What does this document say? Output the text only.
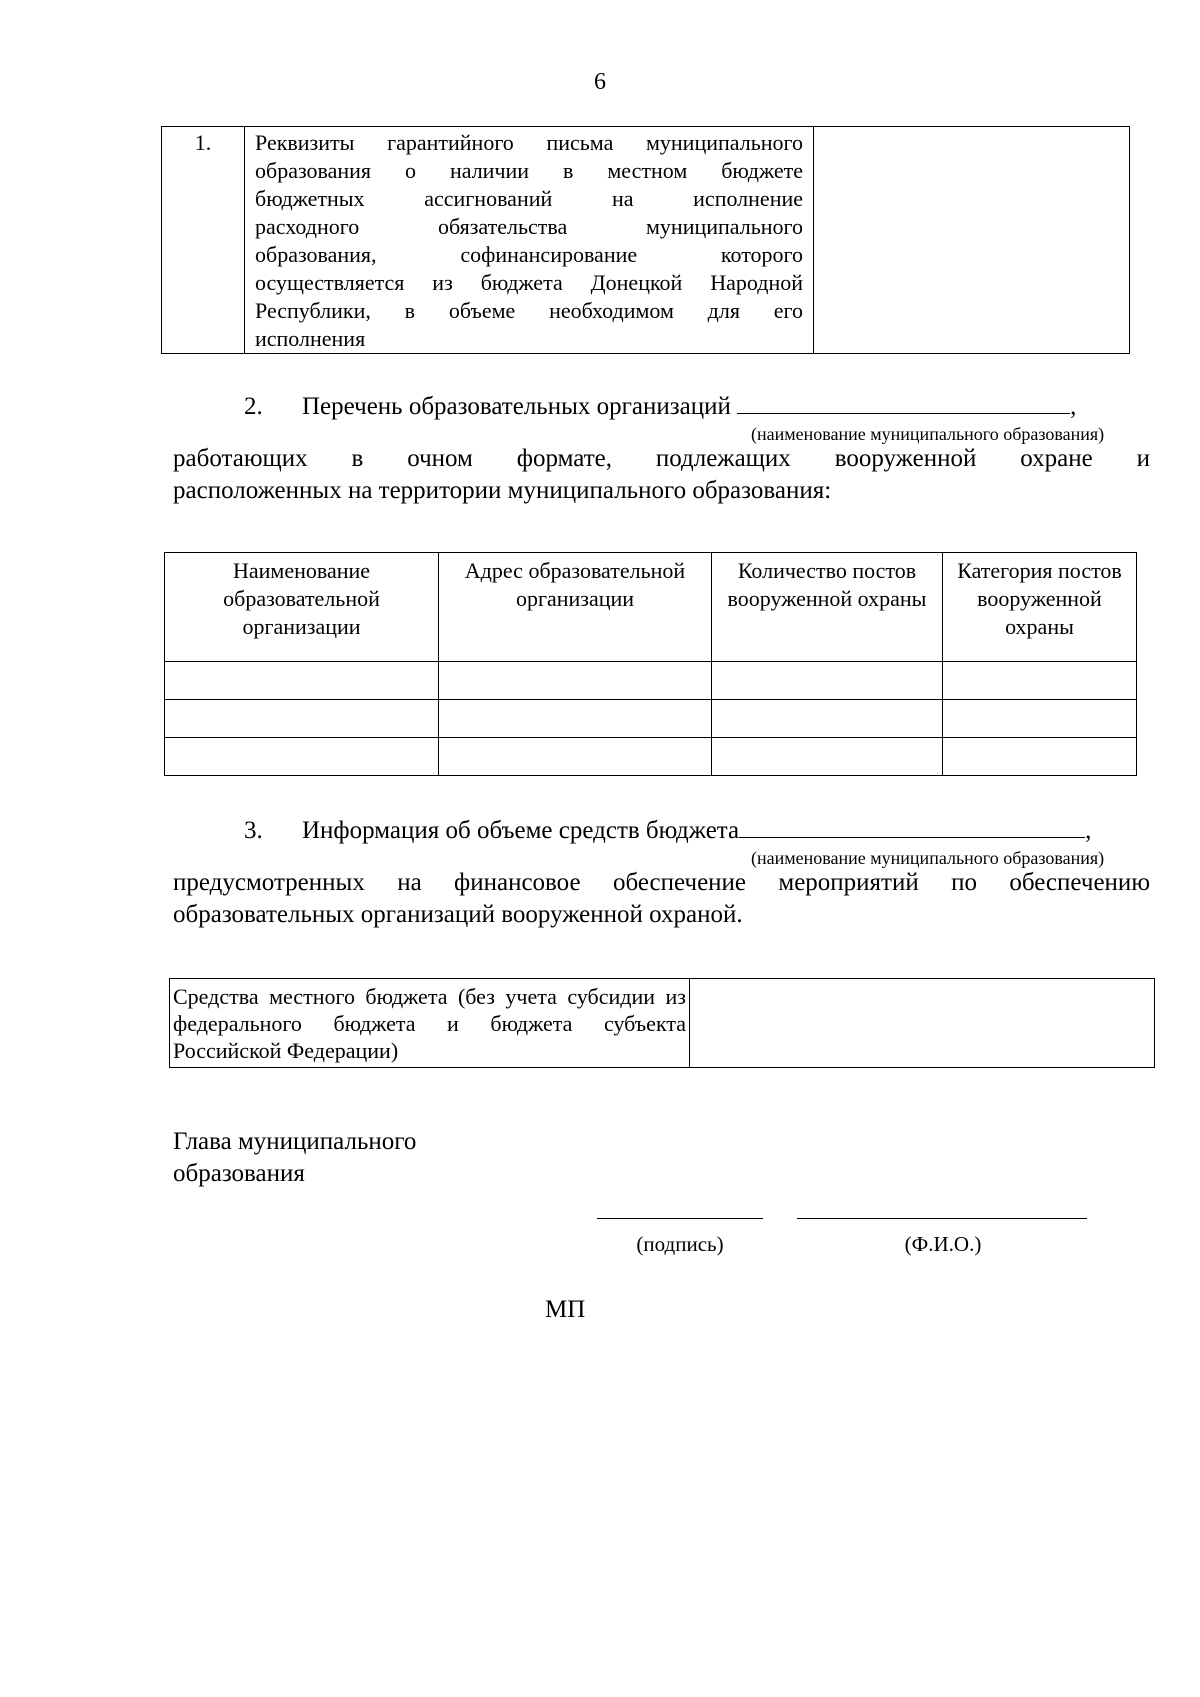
6
1.	Реквизиты гарантийного письма муниципального
образования о наличии в местном бюджете
бюджетных ассигнований на исполнение
расходного обязательства муниципального
образования, софинансирование которого
осуществляется из бюджета Донецкой Народной
Республики, в объеме необходимом для его
исполнения

2. Перечень образовательных организаций	,
(наименование муниципального образования)
работающих в очном формате, подлежащих вооруженной охране и
расположенных на территории муниципального образования:
Наименование образовательной организации	Адрес образовательной организации	Количество постов вооруженной охраны	Категория постов вооруженной охраны

3. Информация об объеме средств бюджета	,
(наименование муниципального образования)
предусмотренных на финансовое обеспечение мероприятий по обеспечению
образовательных организаций вооруженной охраной.
Средства местного бюджета (без учета субсидии из федерального бюджета и бюджета субъекта Российской Федерации)	
Глава муниципального
образования
(подпись)	(Ф.И.О.)
МП
